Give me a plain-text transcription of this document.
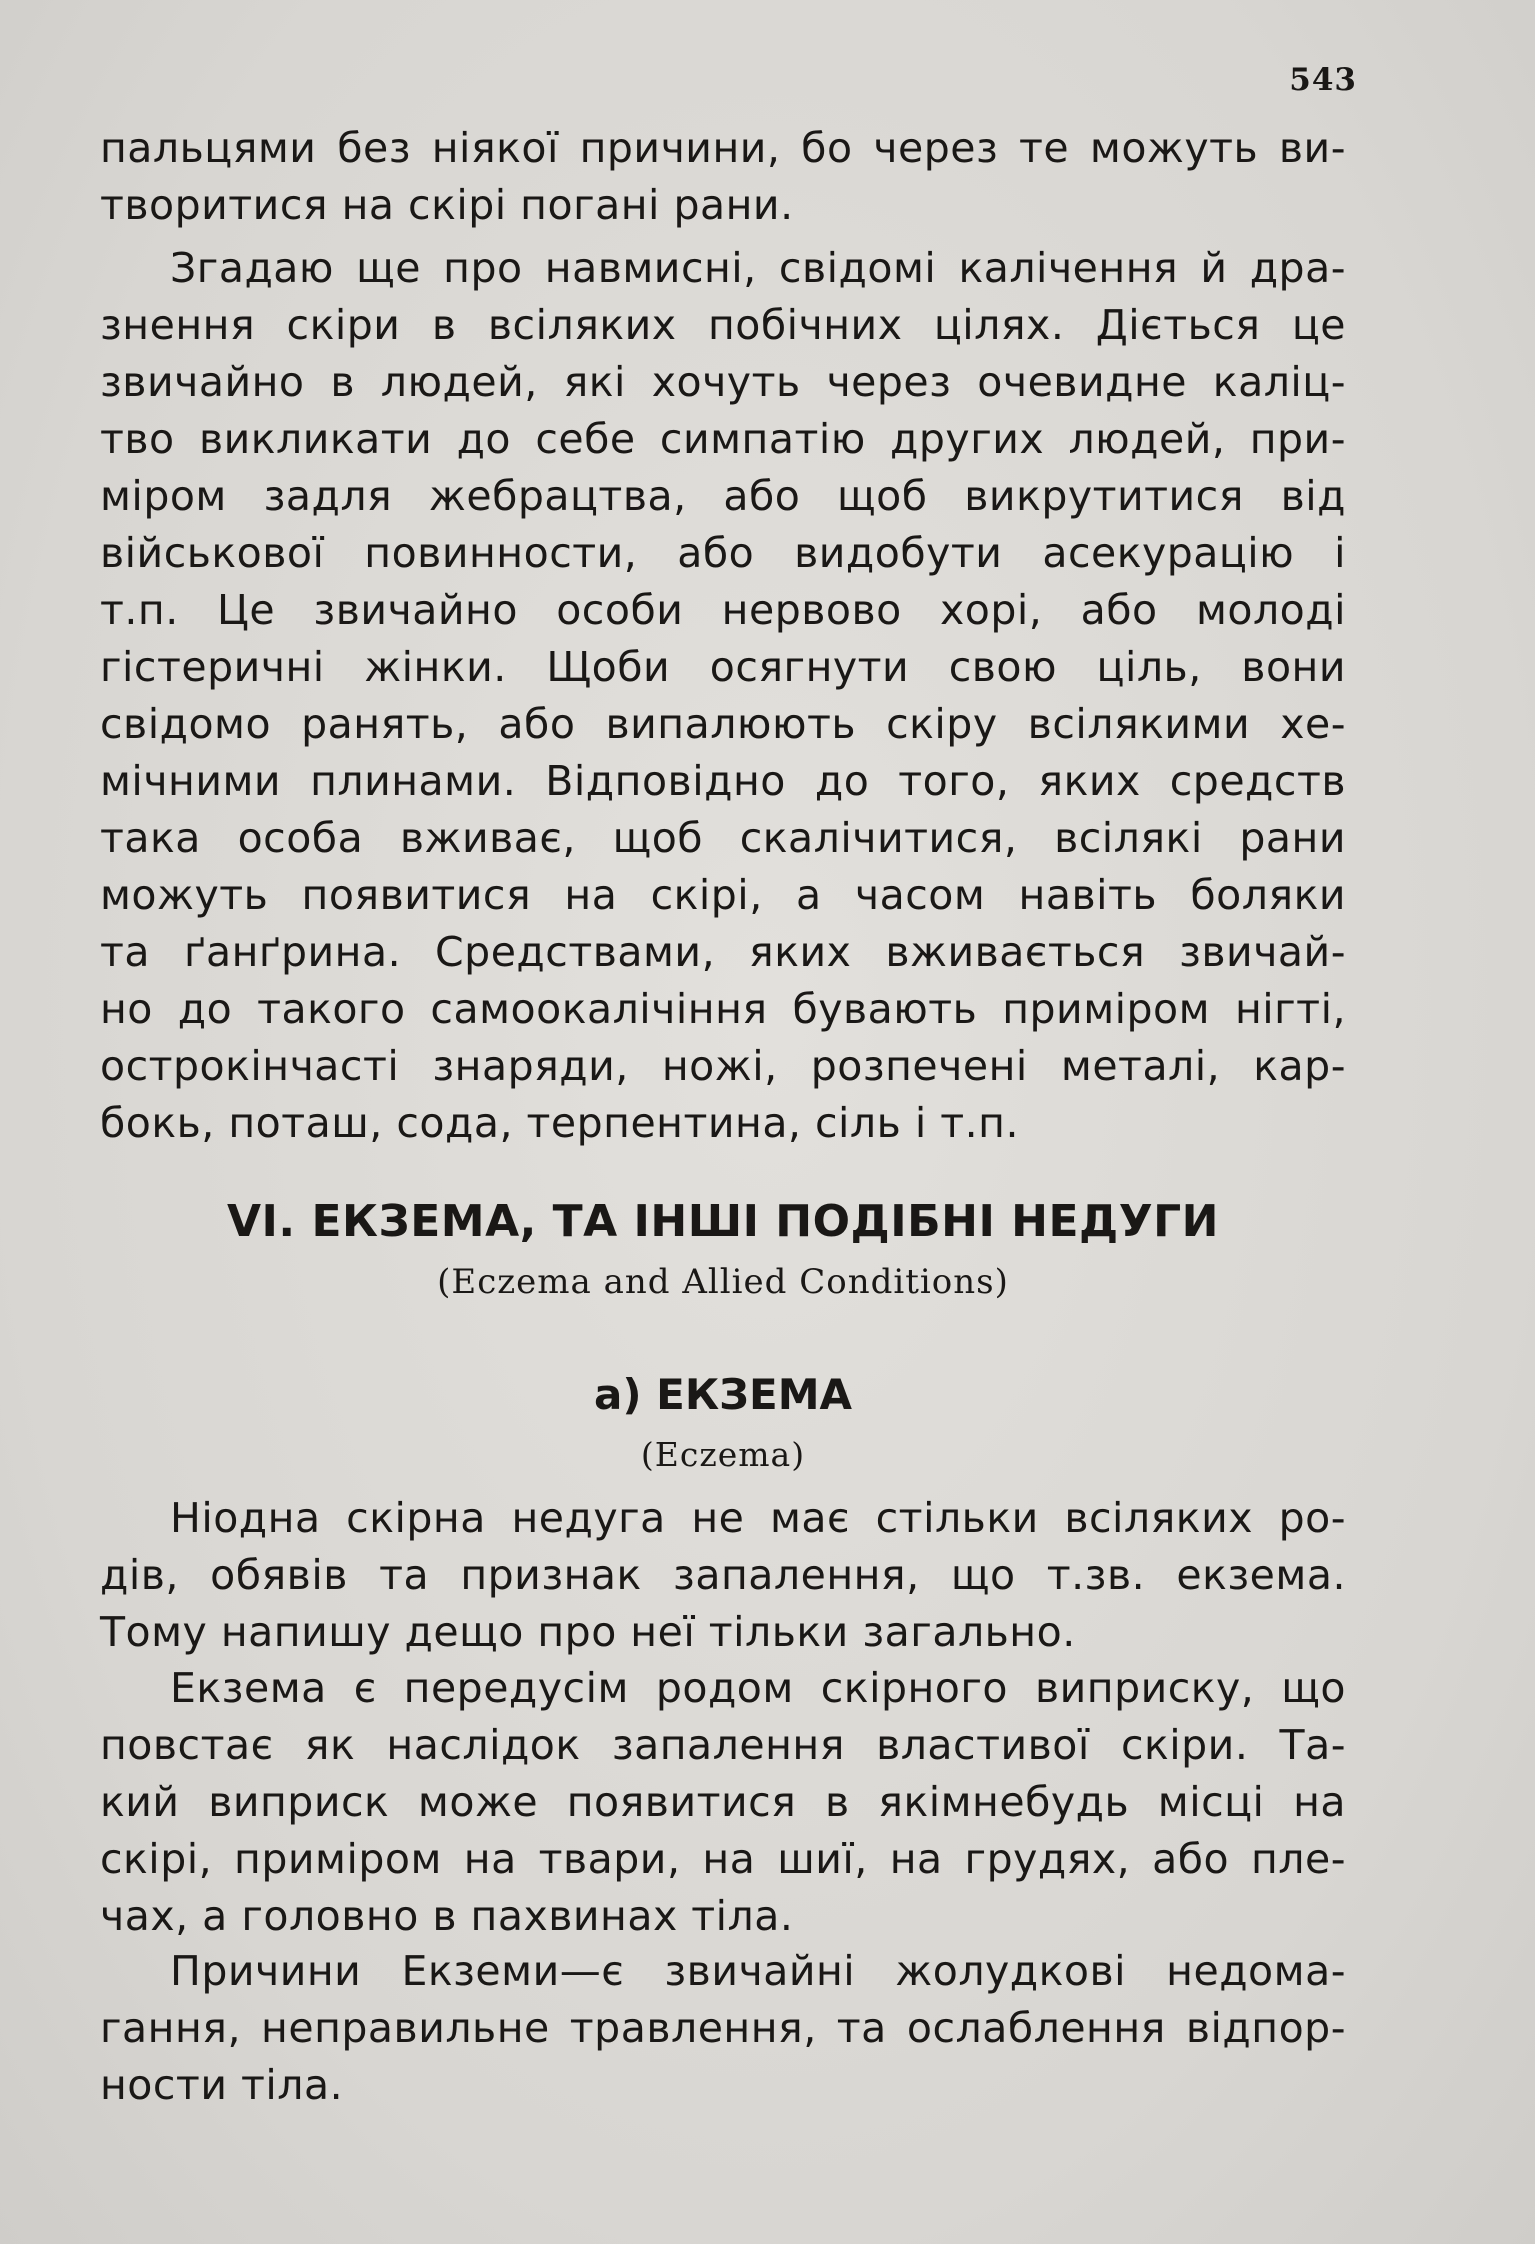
543
пальцями без ніякої причини, бо через те можуть ви-
творитися на скірі погані рани.
Згадаю ще про навмисні, свідомі калічення й дра-
знення скіри в всіляких побічних цілях. Діється це
звичайно в людей, які хочуть через очевидне каліц-
тво викликати до себе симпатію других людей, при-
міром задля жебрацтва, або щоб викрутитися від
військової повинности, або видобути асекурацію і
т.п. Це звичайно особи нервово хорі, або молоді
гістеричні жінки. Щоби осягнути свою ціль, вони
свідомо ранять, або випалюють скіру всілякими хе-
мічними плинами. Відповідно до того, яких средств
така особа вживає, щоб скалічитися, всілякі рани
можуть появитися на скірі, а часом навіть боляки
та ґанґрина. Средствами, яких вживається звичай-
но до такого самоокалічіння бувають приміром нігті,
острокінчасті знаряди, ножі, розпечені металі, кар-
бокь, поташ, сода, терпентина, сіль і т.п.
VI. ЕКЗЕМА, ТА ІНШІ ПОДІБНІ НЕДУГИ
(Eczema and Allied Conditions)
а) ЕКЗЕМА
(Eczema)
Ніодна скірна недуга не має стільки всіляких ро-
дів, обявів та признак запалення, що т.зв. екзема.
Тому напишу дещо про неї тільки загально.
Екзема є передусім родом скірного виприску, що
повстає як наслідок запалення властивої скіри. Та-
кий виприск може появитися в якімнебудь місці на
скірі, приміром на твари, на шиї, на грудях, або пле-
чах, а головно в пахвинах тіла.
Причини Екземи—є звичайні жолудкові недома-
гання, неправильне травлення, та ослаблення відпор-
ности тіла.
